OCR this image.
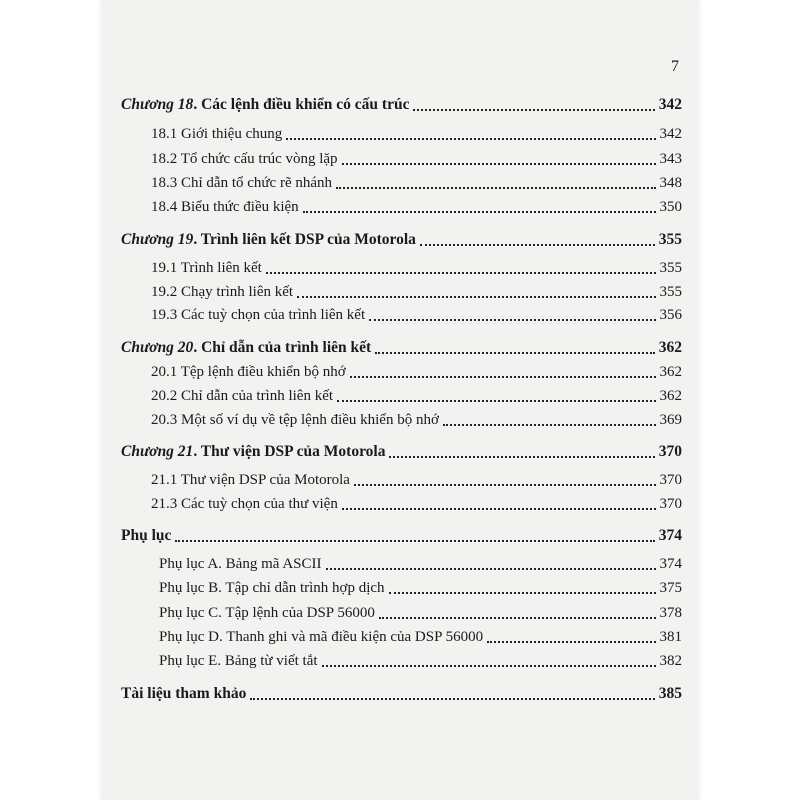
7
Chương 18. Các lệnh điều khiển có cấu trúc	342
18.1 Giới thiệu chung	342
18.2 Tổ chức cấu trúc vòng lặp	343
18.3 Chỉ dẫn tổ chức rẽ nhánh	348
18.4 Biểu thức điều kiện	350
Chương 19. Trình liên kết DSP của Motorola	355
19.1 Trình liên kết	355
19.2 Chạy trình liên kết	355
19.3 Các tuỳ chọn của trình liên kết	356
Chương 20. Chỉ dẫn của trình liên kết	362
20.1 Tệp lệnh điều khiển bộ nhớ	362
20.2 Chỉ dẫn của trình liên kết	362
20.3 Một số ví dụ về tệp lệnh điều khiển bộ nhớ	369
Chương 21. Thư viện DSP của Motorola	370
21.1 Thư viện DSP của Motorola	370
21.3 Các tuỳ chọn của thư viện	370
Phụ lục	374
Phụ lục A. Bảng mã ASCII	374
Phụ lục B. Tập chỉ dẫn trình hợp dịch	375
Phụ lục C. Tập lệnh của DSP 56000	378
Phụ lục D. Thanh ghi và mã điều kiện của DSP 56000	381
Phụ lục E. Bảng từ viết tắt	382
Tài liệu tham khảo	385
